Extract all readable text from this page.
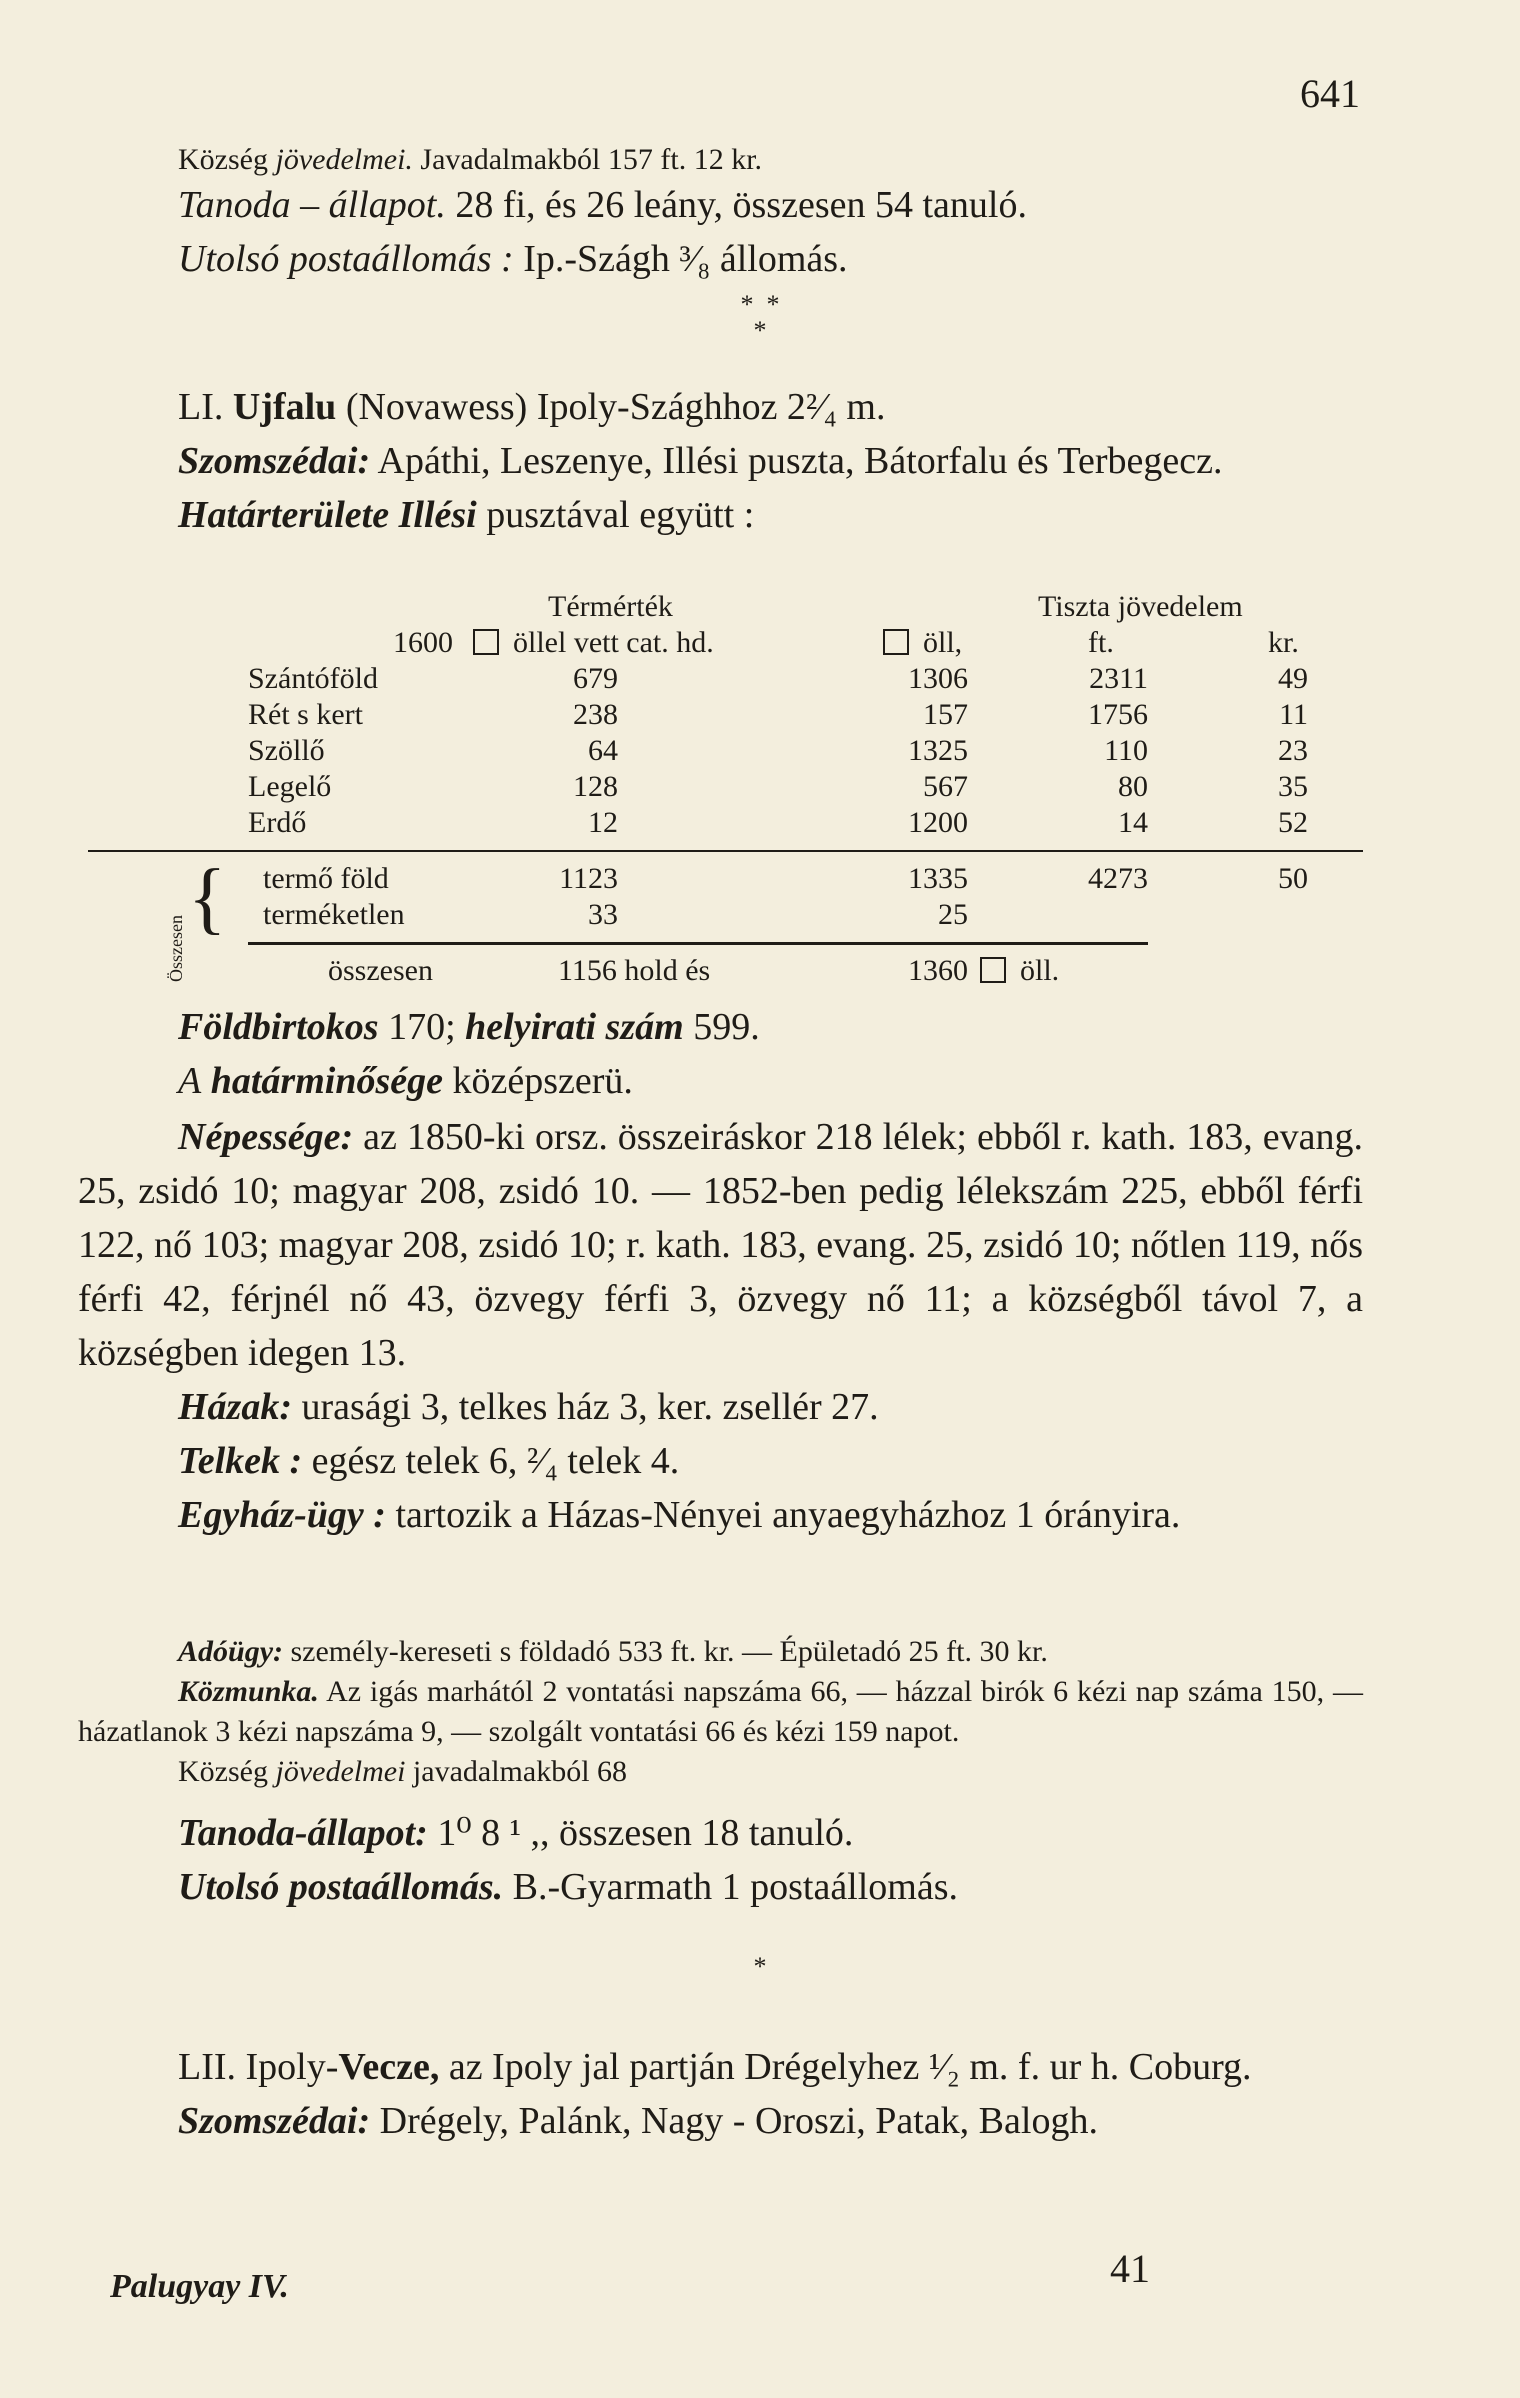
641
Község jövedelmei. Javadalmakból 157 ft. 12 kr.
Tanoda – állapot. 28 fi, és 26 leány, összesen 54 tanuló.
Utolsó postaállomás : Ip.-Szágh ³⁄₈ állomás.
*  *
*
LI. Ujfalu (Novawess) Ipoly-Szághhoz 2²⁄₄ m.
Szomszédai: Apáthi, Leszenye, Illési puszta, Bátorfalu és Terbegecz.
Határterülete Illési pusztával együtt :
Térmérték	Tiszta jövedelem
1600 öllel vett cat. hd.	öll,	ft.	kr.
Szántóföld	679	1306	2311	49
Rét s kert	238	157	1756	11
Szöllő	64	1325	110	23
Legelő	128	567	80	35
Erdő	12	1200	14	52
Összesen
{ termő föld	1123	1335	4273	50
terméketlen	33	25
összesen	1156 hold és	1360 öll.
Földbirtokos 170; helyirati szám 599.
A határminősége középszerü.
Népessége: az 1850-ki orsz. összeiráskor 218 lélek; ebből r. kath. 183, evang. 25, zsidó 10; magyar 208, zsidó 10. — 1852-ben pedig lélekszám 225, ebből férfi 122, nő 103; magyar 208, zsidó 10; r. kath. 183, evang. 25, zsidó 10; nőtlen 119, nős férfi 42, férjnél nő 43, özvegy férfi 3, özvegy nő 11; a községből távol 7, a községben idegen 13.
Házak: urasági 3, telkes ház 3, ker. zsellér 27.
Telkek : egész telek 6, ²⁄₄ telek 4.
Egyház-ügy : tartozik a Házas-Nényei anyaegyházhoz 1 órányira.
Adóügy: személy-kereseti s földadó 533 ft. kr. — Épületadó 25 ft. 30 kr.
Közmunka. Az igás marhától 2 vontatási napszáma 66, — házzal birók 6 kézi nap száma 150, — házatlanok 3 kézi napszáma 9, — szolgált vontatási 66 és kézi 159 napot.
Község jövedelmei javadalmakból 68
Tanoda-állapot: 1⁰ 8 ¹ ,, összesen 18 tanuló.
Utolsó postaállomás. B.-Gyarmath 1 postaállomás.
*
LII. Ipoly-Vecze, az Ipoly jal partján Drégelyhez ¹⁄₂ m. f. ur h. Coburg.
Szomszédai: Drégely, Palánk, Nagy - Oroszi, Patak, Balogh.
Palugyay IV.	41
